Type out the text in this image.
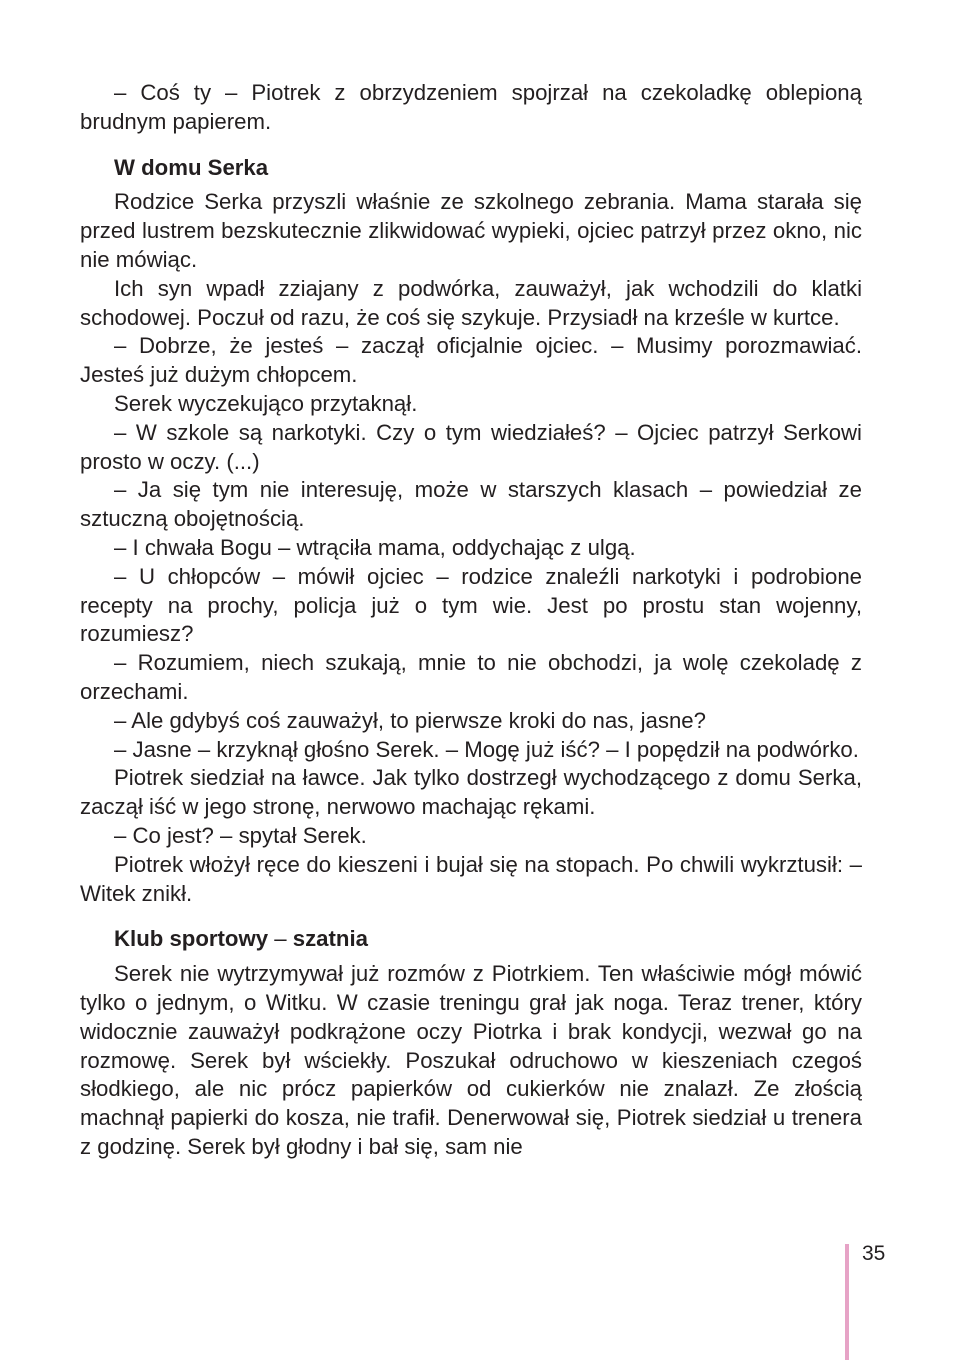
– Coś ty – Piotrek z obrzydzeniem spojrzał na czekoladkę oblepioną brudnym papierem.

W domu Serka

Rodzice Serka przyszli właśnie ze szkolnego zebrania. Mama starała się przed lustrem bezskutecznie zlikwidować wypieki, ojciec patrzył przez okno, nic nie mówiąc.

Ich syn wpadł zziajany z podwórka, zauważył, jak wchodzili do klatki schodowej. Poczuł od razu, że coś się szykuje. Przysiadł na krześle w kurtce.

– Dobrze, że jesteś – zaczął oficjalnie ojciec. – Musimy porozmawiać. Jesteś już dużym chłopcem.

Serek wyczekująco przytaknął.

– W szkole są narkotyki. Czy o tym wiedziałeś? – Ojciec patrzył Serkowi prosto w oczy. (...)

– Ja się tym nie interesuję, może w starszych klasach – powiedział ze sztuczną obojętnością.

– I chwała Bogu – wtrąciła mama, oddychając z ulgą.

– U chłopców – mówił ojciec – rodzice znaleźli narkotyki i podrobione recepty na prochy, policja już o tym wie. Jest po prostu stan wojenny, rozumiesz?

– Rozumiem, niech szukają, mnie to nie obchodzi, ja wolę czekoladę z orzechami.

– Ale gdybyś coś zauważył, to pierwsze kroki do nas, jasne?

– Jasne – krzyknął głośno Serek. – Mogę już iść? – I popędził na podwórko.

Piotrek siedział na ławce. Jak tylko dostrzegł wychodzącego z domu Serka, zaczął iść w jego stronę, nerwowo machając rękami.

– Co jest? – spytał Serek.

Piotrek włożył ręce do kieszeni i bujał się na stopach. Po chwili wykrztusił: – Witek znikł.

Klub sportowy – szatnia

Serek nie wytrzymywał już rozmów z Piotrkiem. Ten właściwie mógł mówić tylko o jednym, o Witku. W czasie treningu grał jak noga. Teraz trener, który widocznie zauważył podkrążone oczy Piotrka i brak kondycji, wezwał go na rozmowę. Serek był wściekły. Poszukał odruchowo w kieszeniach czegoś słodkiego, ale nic prócz papierków od cukierków nie znalazł. Ze złością machnął papierki do kosza, nie trafił. Denerwował się, Piotrek siedział u trenera z godzinę. Serek był głodny i bał się, sam nie

35
